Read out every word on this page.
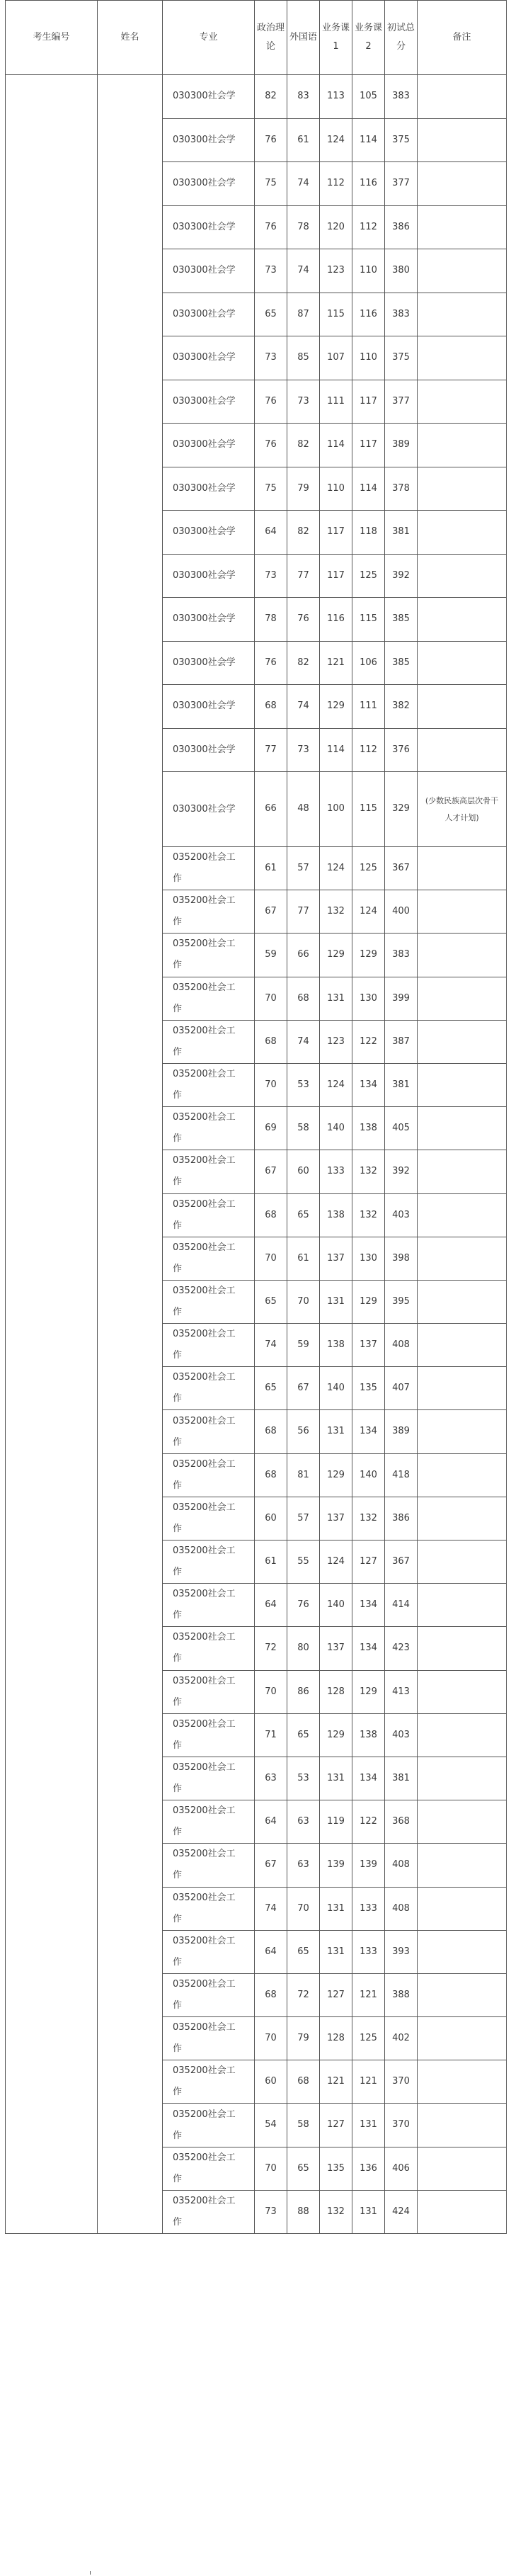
考生编号	姓名	专业	政治理论	外国语	业务课1	业务课2	初试总分	备注

		030300社会学	82	83	113	105	383	

		030300社会学	76	61	124	114	375	

		030300社会学	75	74	112	116	377	

		030300社会学	76	78	120	112	386	

		030300社会学	73	74	123	110	380	

		030300社会学	65	87	115	116	383	

		030300社会学	73	85	107	110	375	

		030300社会学	76	73	111	117	377	

		030300社会学	76	82	114	117	389	

		030300社会学	75	79	110	114	378	

		030300社会学	64	82	117	118	381	

		030300社会学	73	77	117	125	392	

		030300社会学	78	76	116	115	385	

		030300社会学	76	82	121	106	385	

		030300社会学	68	74	129	111	382	

		030300社会学	77	73	114	112	376	

		030300社会学	66	48	100	115	329	(少数民族高层次骨干人才计划)

		035200社会工作	61	57	124	125	367	

		035200社会工作	67	77	132	124	400	

		035200社会工作	59	66	129	129	383	

		035200社会工作	70	68	131	130	399	

		035200社会工作	68	74	123	122	387	

		035200社会工作	70	53	124	134	381	

		035200社会工作	69	58	140	138	405	

		035200社会工作	67	60	133	132	392	

		035200社会工作	68	65	138	132	403	

		035200社会工作	70	61	137	130	398	

		035200社会工作	65	70	131	129	395	

		035200社会工作	74	59	138	137	408	

		035200社会工作	65	67	140	135	407	

		035200社会工作	68	56	131	134	389	

		035200社会工作	68	81	129	140	418	

		035200社会工作	60	57	137	132	386	

		035200社会工作	61	55	124	127	367	

		035200社会工作	64	76	140	134	414	

		035200社会工作	72	80	137	134	423	

		035200社会工作	70	86	128	129	413	

		035200社会工作	71	65	129	138	403	

		035200社会工作	63	53	131	134	381	

		035200社会工作	64	63	119	122	368	

		035200社会工作	67	63	139	139	408	

		035200社会工作	74	70	131	133	408	

		035200社会工作	64	65	131	133	393	

		035200社会工作	68	72	127	121	388	

		035200社会工作	70	79	128	125	402	

		035200社会工作	60	68	121	121	370	

		035200社会工作	54	58	127	131	370	

		035200社会工作	70	65	135	136	406	

		035200社会工作	73	88	132	131	424	
